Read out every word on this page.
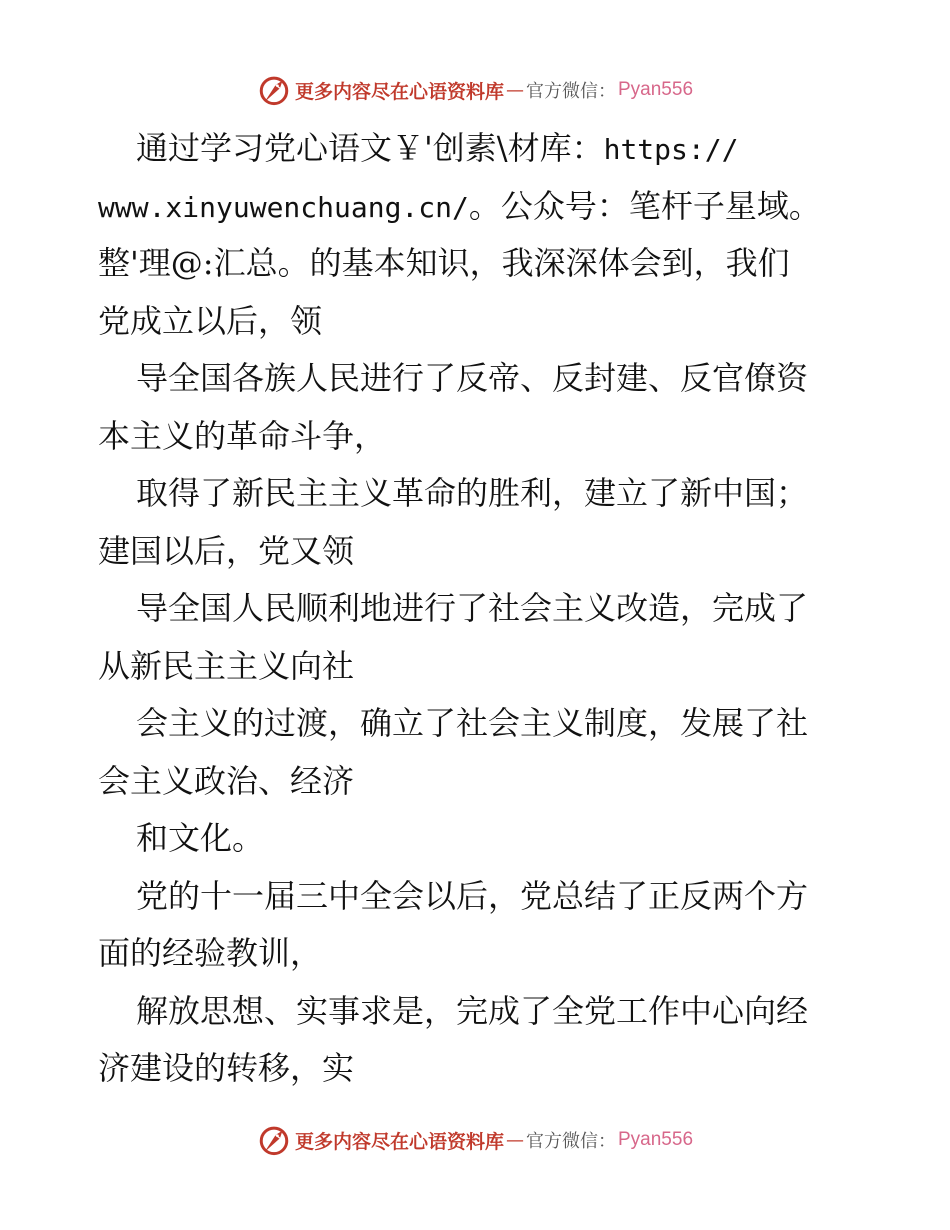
更多内容尽在心语资料库 — 官方微信： Pyan556
通过学习党心语文￥'创素\材库：https://
www.xinyuwenchuang.cn/。公众号：笔杆子星域。
整'理@:汇总。的基本知识，我深深体会到，我们
党成立以后，领
导全国各族人民进行了反帝、反封建、反官僚资
本主义的革命斗争，
取得了新民主主义革命的胜利，建立了新中国；
建国以后，党又领
导全国人民顺利地进行了社会主义改造，完成了
从新民主主义向社
会主义的过渡，确立了社会主义制度，发展了社
会主义政治、经济
和文化。
党的十一届三中全会以后，党总结了正反两个方
面的经验教训，
解放思想、实事求是，完成了全党工作中心向经
济建设的转移，实
更多内容尽在心语资料库 — 官方微信： Pyan556
